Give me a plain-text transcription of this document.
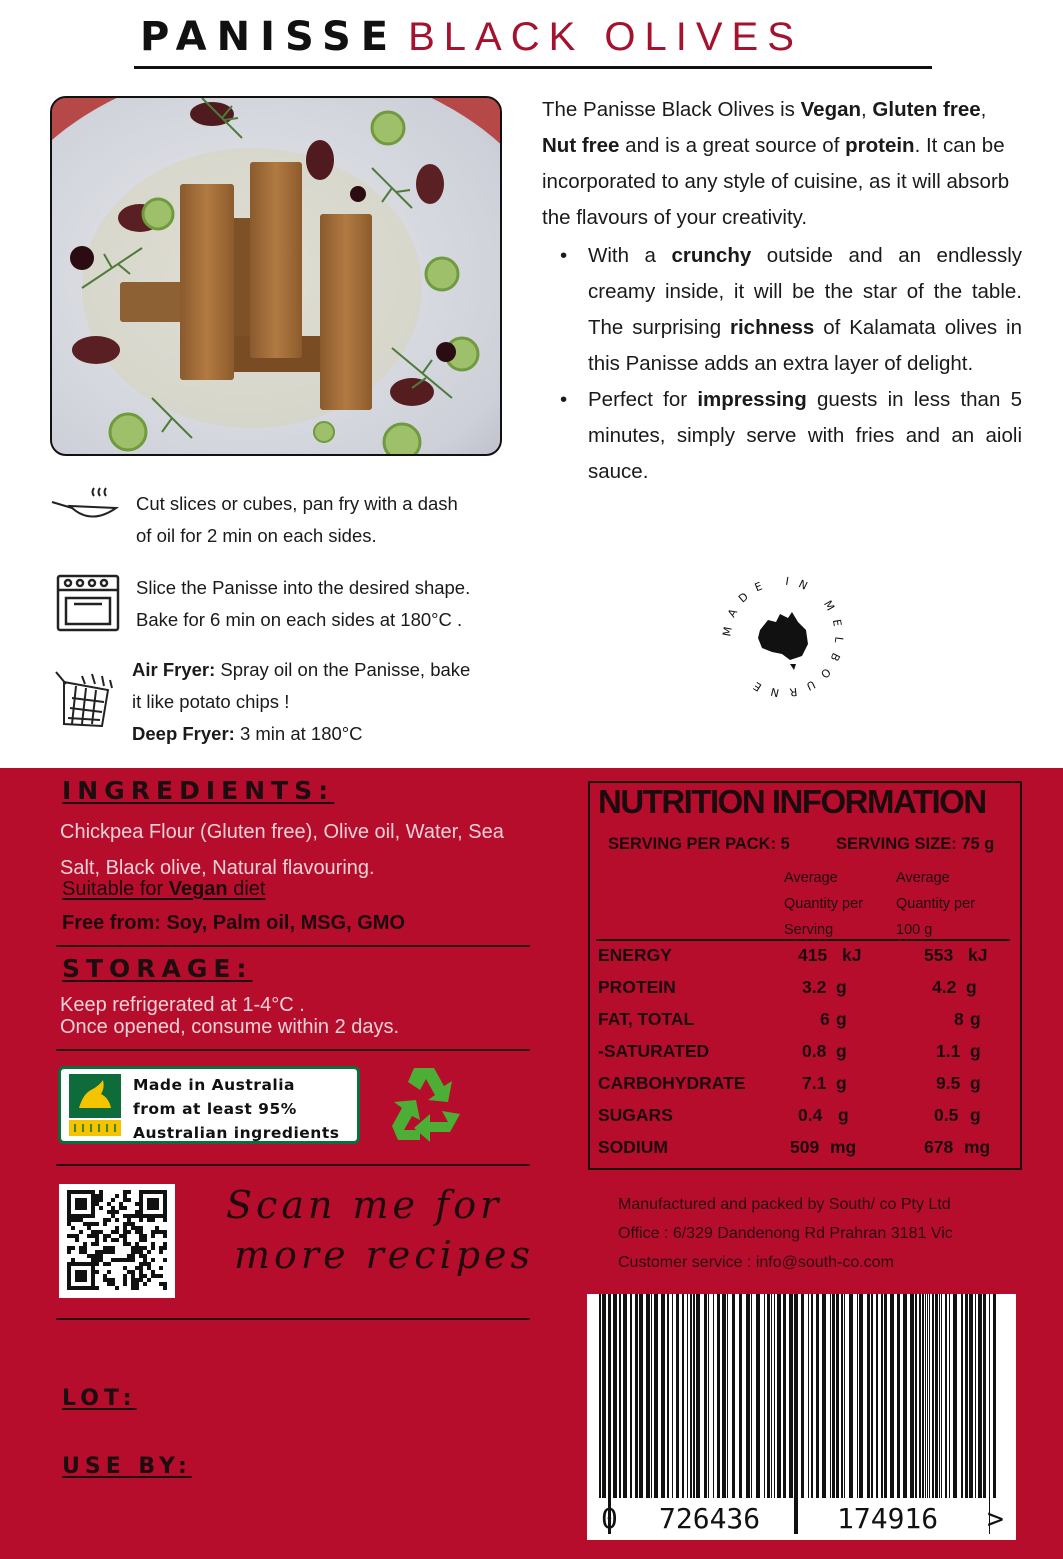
PANISSE BLACK OLIVES

The Panisse Black Olives is Vegan, Gluten free, Nut free and is a great source of protein. It can be incorporated to any style of cuisine, as it will absorb the flavours of your creativity.

• With a crunchy outside and an endlessly creamy inside, it will be the star of the table. The surprising richness of Kalamata olives in this Panisse adds an extra layer of delight.
• Perfect for impressing guests in less than 5 minutes, simply serve with fries and an aioli sauce.
Cut slices or cubes, pan fry with a dash
of oil for 2 min on each sides.
Slice the Panisse into the desired shape.
Bake for 6 min on each sides at 180°C .
Air Fryer: Spray oil on the Panisse, bake
it like potato chips !
Deep Fryer: 3 min at 180°C
MADE IN MELBOURNE
INGREDIENTS:
Chickpea Flour (Gluten free), Olive oil, Water, Sea
Salt, Black olive, Natural flavouring.
Suitable for Vegan diet
Free from: Soy, Palm oil, MSG, GMO
STORAGE:
Keep refrigerated at 1-4°C .
Once opened, consume within 2 days.
Made in Australia
from at least 95%
Australian ingredients
Scan me for
more recipes
LOT:
USE BY:
NUTRITION INFORMATION
SERVING PER PACK: 5	SERVING SIZE: 75 g
Average
Quantity per
Serving
Average
Quantity per
100 g
ENERGY	415 kJ	553 kJ
PROTEIN	3.2 g	4.2 g
FAT, TOTAL	6 g	8 g
-SATURATED	0.8 g	1.1 g
CARBOHYDRATE	7.1 g	9.5 g
SUGARS	0.4 g	0.5 g
SODIUM	509 mg	678 mg
Manufactured and packed by South/ co Pty Ltd
Office : 6/329 Dandenong Rd Prahran 3181 Vic
Customer service : info@south-co.com
0 726436	174916 >
